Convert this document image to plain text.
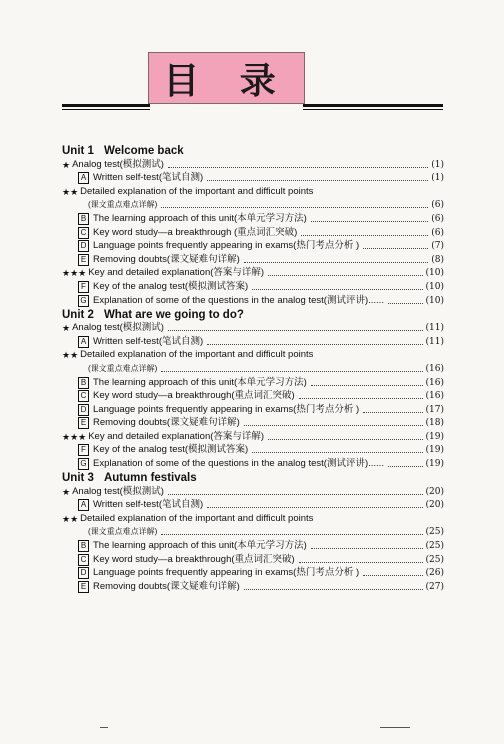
目 录
Unit 1 Welcome back
★ Analog test(模拟测试)	(1)
A Written self-test(笔试自测)	(1)
★★ Detailed explanation of the important and difficult points
(课文重点难点详解)	(6)
B The learning approach of this unit(本单元学习方法)	(6)
C Key word study—a breakthrough (重点词汇突破)	(6)
D Language points frequently appearing in exams(热门考点分析 )	(7)
E Removing doubts(课文疑难句详解)	(8)
★★★ Key and detailed explanation(答案与详解)	(10)
F Key of the analog test(模拟测试答案)	(10)
G Explanation of some of the questions in the analog test(测试评讲)......	(10)
Unit 2 What are we going to do?
★ Analog test(模拟测试)	(11)
A Written self-test(笔试自测)	(11)
★★ Detailed explanation of the important and difficult points
(课文重点难点详解)	(16)
B The learning approach of this unit(本单元学习方法)	(16)
C Key word study—a breakthrough(重点词汇突破)	(16)
D Language points frequently appearing in exams(热门考点分析 )	(17)
E Removing doubts(课文疑难句详解)	(18)
★★★ Key and detailed explanation(答案与详解)	(19)
F Key of the analog test(模拟测试答案)	(19)
G Explanation of some of the questions in the analog test(测试评讲)......	(19)
Unit 3 Autumn festivals
★ Analog test(模拟测试)	(20)
A Written self-test(笔试自测)	(20)
★★ Detailed explanation of the important and difficult points
(课文重点难点详解)	(25)
B The learning approach of this unit(本单元学习方法)	(25)
C Key word study—a breakthrough(重点词汇突破)	(25)
D Language points frequently appearing in exams(热门考点分析 )	(26)
E Removing doubts(课文疑难句详解)	(27)
